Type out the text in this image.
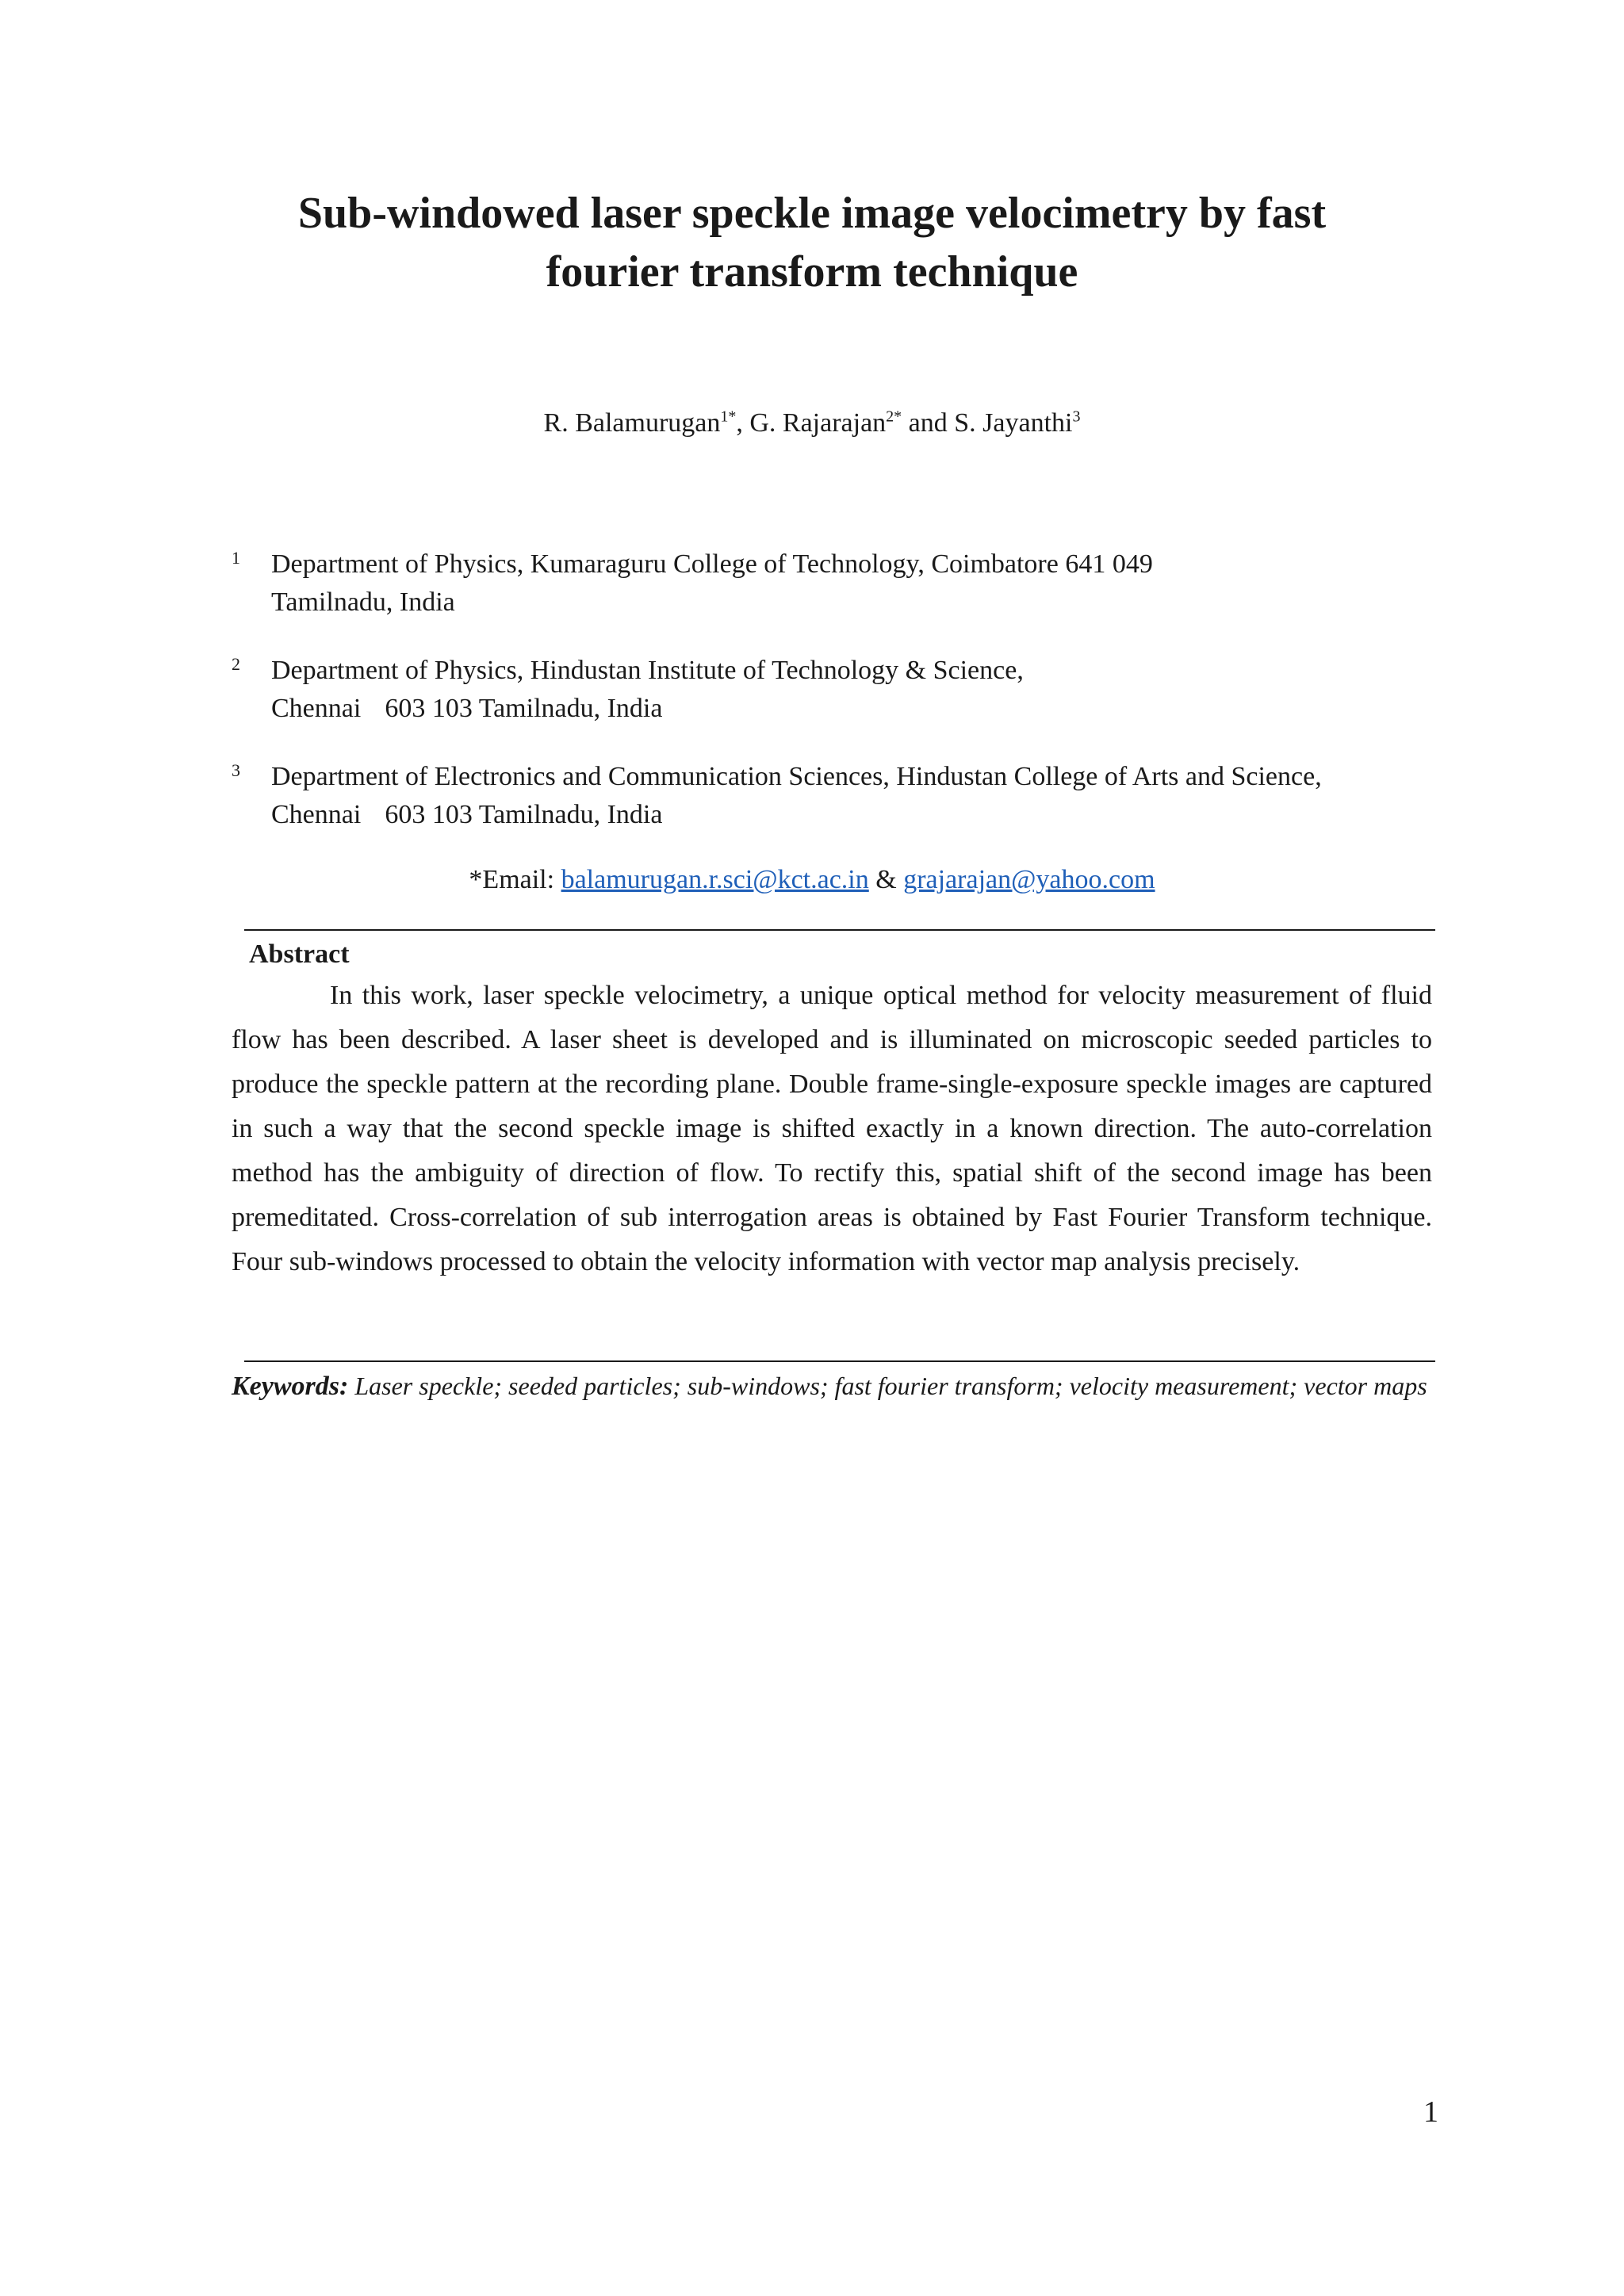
Sub-windowed laser speckle image velocimetry by fast fourier transform technique
R. Balamurugan$^{1*}$, G. Rajarajan$^{2*}$ and S. Jayanthi$^3$
1 Department of Physics, Kumaraguru College of Technology, Coimbatore 641 049
Tamilnadu, India
2 Department of Physics, Hindustan Institute of Technology & Science,
Chennai 603 103 Tamilnadu, India
3 Department of Electronics and Communication Sciences, Hindustan College of Arts and Science,
Chennai 603 103 Tamilnadu, India
*Email: balamurugan.r.sci@kct.ac.in & grajarajan@yahoo.com
Abstract

In this work, laser speckle velocimetry, a unique optical method for velocity measurement of fluid flow has been described. A laser sheet is developed and is illuminated on microscopic seeded particles to produce the speckle pattern at the recording plane. Double frame-single-exposure speckle images are captured in such a way that the second speckle image is shifted exactly in a known direction. The auto-correlation method has the ambiguity of direction of flow. To rectify this, spatial shift of the second image has been premeditated. Cross-correlation of sub interrogation areas is obtained by Fast Fourier Transform technique. Four sub-windows processed to obtain the velocity information with vector map analysis precisely.

Keywords: Laser speckle; seeded particles; sub-windows; fast fourier transform; velocity measurement; vector maps
1
